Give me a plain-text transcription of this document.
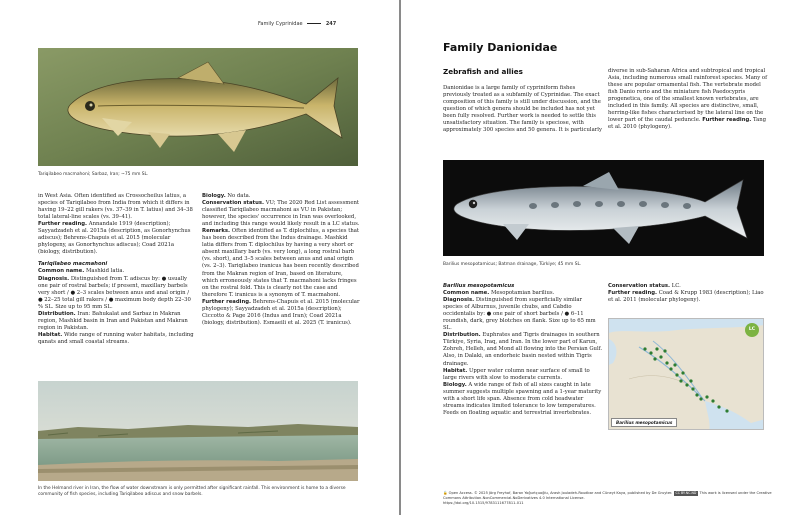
Family Cyprinidae	247
Tariqilabeo macmahoni; Sarbaz, Iran; ~75 mm SL.

in West Asia. Often identified as Crossocheilus latius, a species of Tariqilabeo from India from which it differs in having 19–22 gill rakers (vs. 37–39 in T. latius) and 34–38 total lateral-line scales (vs. 39–41).

Further reading. Annandale 1919 (description); Sayyadzadeh et al. 2015a (description, as Gonorhynchus adiscus); Behrens-Chapuis et al. 2015 (molecular phylogeny, as Gonorhynchus adiscus); Coad 2021a (biology, distribution).

Tariqilabeo macmahoni

Common name. Mashkid latia.

Diagnosis. Distinguished from T. adiscus by: ● usually one pair of rostral barbels; if present, maxillary barbels very short / ● 2–3 scales between anus and anal origin / ● 22–25 total gill rakers / ● maximum body depth 22–30 % SL. Size up to 95 mm SL.

Distribution. Iran: Bahukalat and Sarbaz in Makran region, Mashkid basin in Iran and Pakistan and Makran region in Pakistan.

Habitat. Wide range of running water habitats, including qanats and small coastal streams.

Biology. No data.

Conservation status. VU; The 2020 Red List assessment classified Tariqilabeo macmahoni as VU in Pakistan; however, the species' occurrence in Iran was overlooked, and including this range would likely result in a LC status.

Remarks. Often identified as T. diplochilus, a species that has been described from the Indus drainage. Mashkid latia differs from T. diplochilus by having a very short or absent maxillary barb (vs. very long), a long rostral barb (vs. short), and 3–5 scales between anus and anal origin (vs. 2–3). Tariqilabeo iranicus has been recently described from the Makran region of Iran, based on literature, which erroneously states that T. macmahoni lacks fringes on the rostral fold. This is clearly not the case and therefore T. iranicus is a synonym of T. macmahoni.

Further reading. Behrens-Chapuis et al. 2015 (molecular phylogeny); Sayyadzadeh et al. 2015a (description); Ciccotto & Page 2016 (Indus and Iran); Coad 2021a (biology, distribution). Esmaeili et al. 2025 (T. iranicus).

In the Helmand river in Iran, the flow of water downstream is only permitted after significant rainfall. This environment is home to a diverse community of fish species, including Tariqilabeo adiscus and snow barbels.
Family Danionidae
Zebrafish and allies
Danionidae is a large family of cypriniform fishes previously treated as a subfamily of Cyprinidae. The exact composition of this family is still under discussion, and the question of which genera should be included has not yet been fully resolved. Further work is needed to settle this unsatisfactory situation. The family is speciose, with approximately 300 species and 50 genera. It is particularly
diverse in sub-Saharan Africa and subtropical and tropical Asia, including numerous small rainforest species. Many of these are popular ornamental fish. The vertebrate model fish Danio rerio and the miniature fish Paedocypris progenetica, one of the smallest known vertebrates, are included in this family. All species are distinctive, small, herring-like fishes characterised by the lateral line on the lower part of the caudal peduncle. Further reading. Tang et al. 2010 (phylogeny).
Barilius mesopotamicus; Batman drainage, Türkiye; 45 mm SL.

Barilius mesopotamicus

Common name. Mesopotamian barilius.

Diagnosis. Distinguished from superficially similar species of Alburnus, juvenile chubs, and Cabdio occidentalis by: ● one pair of short barbels / ● 6–11 roundish, dark, grey blotches on flank. Size up to 65 mm SL.

Distribution. Euphrates and Tigris drainages in southern Türkiye, Syria, Iraq, and Iran. In the lower part of Karun, Zohreh, Helleh, and Mond all flowing into the Persian Gulf. Also, in Dalaki, an endorheic basin nested within Tigris drainage.

Habitat. Upper water column near surface of small to large rivers with slow to moderate currents.

Biology. A wide range of fish of all sizes caught in late summer suggests multiple spawning and a 1-year maturity with a short life span. Absence from cold headwater streams indicates limited tolerance to low temperatures. Feeds on floating aquatic and terrestrial invertebrates.

Conservation status. LC.

Further reading. Coad & Krupp 1983 (description); Liao et al. 2011 (molecular phylogeny).

LC
Barilius mesopotamicus
🔓 Open Access. © 2025 Jörg Freyhof, Baran Yoğurtçuoğlu, Arash Jouladeh-Roudbar and Cüneyt Kaya, published by De Gruyter. CC BY-NC-ND This work is licensed under the Creative Commons Attribution-NonCommercial-NoDerivatives 4.0 International License.
https://doi.org/10.1515/9783111677811-011
